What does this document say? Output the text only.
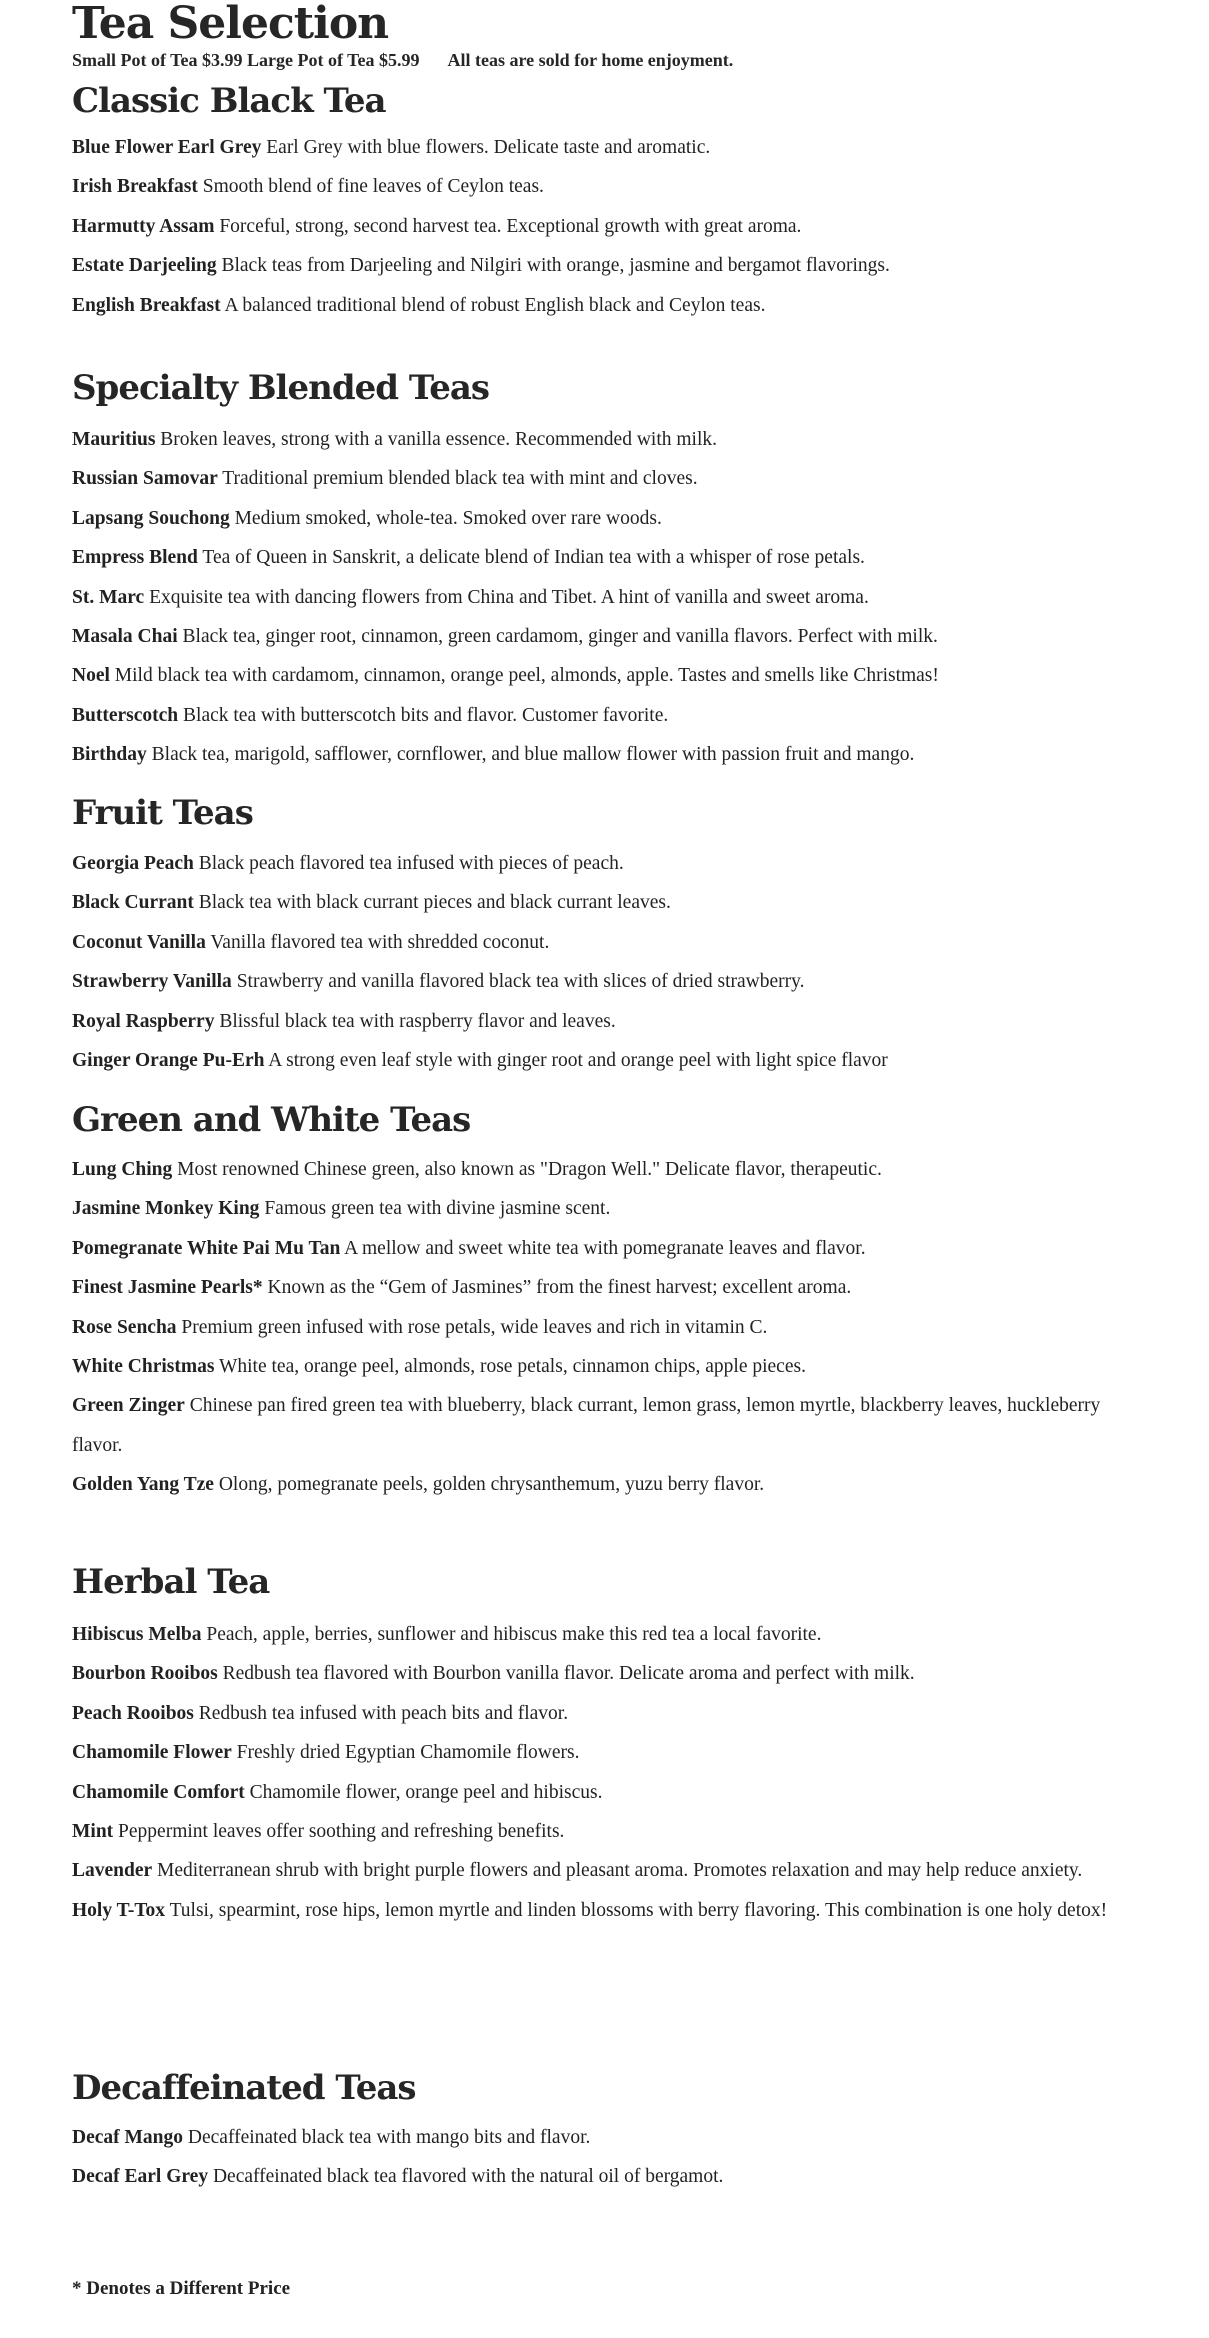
sirved
Tea Selection
Small Pot of Tea $3.99 Large Pot of Tea $5.99 All teas are sold for home enjoyment.
Classic Black Tea

Blue Flower Earl Grey Earl Grey with blue flowers. Delicate taste and aromatic.

Irish Breakfast Smooth blend of fine leaves of Ceylon teas.

Harmutty Assam Forceful, strong, second harvest tea. Exceptional growth with great aroma.

Estate Darjeeling Black teas from Darjeeling and Nilgiri with orange, jasmine and bergamot flavorings.

English Breakfast A balanced traditional blend of robust English black and Ceylon teas.

Specialty Blended Teas

Mauritius Broken leaves, strong with a vanilla essence. Recommended with milk.

Russian Samovar Traditional premium blended black tea with mint and cloves.

Lapsang Souchong Medium smoked, whole-tea. Smoked over rare woods.

Empress Blend Tea of Queen in Sanskrit, a delicate blend of Indian tea with a whisper of rose petals.

St. Marc Exquisite tea with dancing flowers from China and Tibet. A hint of vanilla and sweet aroma.

Masala Chai Black tea, ginger root, cinnamon, green cardamom, ginger and vanilla flavors. Perfect with milk.

Noel Mild black tea with cardamom, cinnamon, orange peel, almonds, apple. Tastes and smells like Christmas!

Butterscotch Black tea with butterscotch bits and flavor. Customer favorite.

Birthday Black tea, marigold, safflower, cornflower, and blue mallow flower with passion fruit and mango.

Fruit Teas

Georgia Peach Black peach flavored tea infused with pieces of peach.

Black Currant Black tea with black currant pieces and black currant leaves.

Coconut Vanilla Vanilla flavored tea with shredded coconut.

Strawberry Vanilla Strawberry and vanilla flavored black tea with slices of dried strawberry.

Royal Raspberry Blissful black tea with raspberry flavor and leaves.

Ginger Orange Pu-Erh A strong even leaf style with ginger root and orange peel with light spice flavor

Green and White Teas

Lung Ching Most renowned Chinese green, also known as "Dragon Well." Delicate flavor, therapeutic.

Jasmine Monkey King Famous green tea with divine jasmine scent.

Pomegranate White Pai Mu Tan A mellow and sweet white tea with pomegranate leaves and flavor.

Finest Jasmine Pearls* Known as the “Gem of Jasmines” from the finest harvest; excellent aroma.

Rose Sencha Premium green infused with rose petals, wide leaves and rich in vitamin C.

White Christmas White tea, orange peel, almonds, rose petals, cinnamon chips, apple pieces.

Green Zinger Chinese pan fired green tea with blueberry, black currant, lemon grass, lemon myrtle, blackberry leaves, huckleberry flavor.

Golden Yang Tze Olong, pomegranate peels, golden chrysanthemum, yuzu berry flavor.

Herbal Tea

Hibiscus Melba Peach, apple, berries, sunflower and hibiscus make this red tea a local favorite.

Bourbon Rooibos Redbush tea flavored with Bourbon vanilla flavor. Delicate aroma and perfect with milk.

Peach Rooibos Redbush tea infused with peach bits and flavor.

Chamomile Flower Freshly dried Egyptian Chamomile flowers.

Chamomile Comfort Chamomile flower, orange peel and hibiscus.

Mint Peppermint leaves offer soothing and refreshing benefits.

Lavender Mediterranean shrub with bright purple flowers and pleasant aroma. Promotes relaxation and may help reduce anxiety.

Holy T-Tox Tulsi, spearmint, rose hips, lemon myrtle and linden blossoms with berry flavoring. This combination is one holy detox!

Decaffeinated Teas

Decaf Mango Decaffeinated black tea with mango bits and flavor.

Decaf Earl Grey Decaffeinated black tea flavored with the natural oil of bergamot.

* Denotes a Different Price
